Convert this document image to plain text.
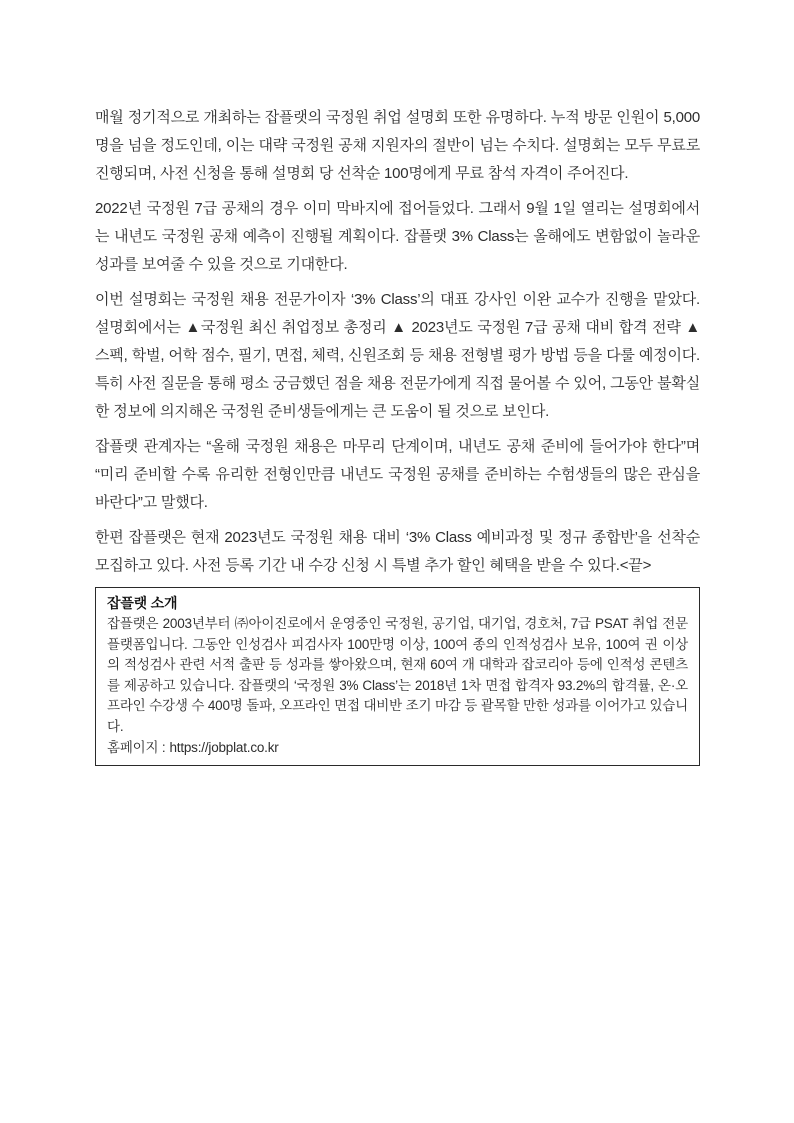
매월 정기적으로 개최하는 잡플랫의 국정원 취업 설명회 또한 유명하다. 누적 방문 인원이 5,000명을 넘을 정도인데, 이는 대략 국정원 공채 지원자의 절반이 넘는 수치다. 설명회는 모두 무료로 진행되며, 사전 신청을 통해 설명회 당 선착순 100명에게 무료 참석 자격이 주어진다.

2022년 국정원 7급 공채의 경우 이미 막바지에 접어들었다. 그래서 9월 1일 열리는 설명회에서는 내년도 국정원 공채 예측이 진행될 계획이다. 잡플랫 3% Class는 올해에도 변함없이 놀라운 성과를 보여줄 수 있을 것으로 기대한다.

이번 설명회는 국정원 채용 전문가이자 ‘3% Class’의 대표 강사인 이완 교수가 진행을 맡았다. 설명회에서는 ▲국정원 최신 취업정보 총정리 ▲ 2023년도 국정원 7급 공채 대비 합격 전략 ▲스펙, 학벌, 어학 점수, 필기, 면접, 체력, 신원조회 등 채용 전형별 평가 방법 등을 다룰 예정이다. 특히 사전 질문을 통해 평소 궁금했던 점을 채용 전문가에게 직접 물어볼 수 있어, 그동안 불확실한 정보에 의지해온 국정원 준비생들에게는 큰 도움이 될 것으로 보인다.

잡플랫 관계자는 “올해 국정원 채용은 마무리 단계이며, 내년도 공채 준비에 들어가야 한다”며 “미리 준비할 수록 유리한 전형인만큼 내년도 국정원 공채를 준비하는 수험생들의 많은 관심을 바란다”고 말했다.

한편 잡플랫은 현재 2023년도 국정원 채용 대비 ‘3% Class 예비과정 및 정규 종합반’을 선착순 모집하고 있다. 사전 등록 기간 내 수강 신청 시 특별 추가 할인 혜택을 받을 수 있다.<끝>

잡플랫 소개
잡플랫은 2003년부터 ㈜아이진로에서 운영중인 국정원, 공기업, 대기업, 경호처, 7급 PSAT 취업 전문 플랫폼입니다. 그동안 인성검사 피검사자 100만명 이상, 100여 종의 인적성검사 보유, 100여 권 이상의 적성검사 관련 서적 출판 등 성과를 쌓아왔으며, 현재 60여 개 대학과 잡코리아 등에 인적성 콘텐츠를 제공하고 있습니다. 잡플랫의 ‘국정원 3% Class’는 2018년 1차 면접 합격자 93.2%의 합격률, 온·오프라인 수강생 수 400명 돌파, 오프라인 면접 대비반 조기 마감 등 괄목할 만한 성과를 이어가고 있습니다.
홈페이지 : https://jobplat.co.kr
